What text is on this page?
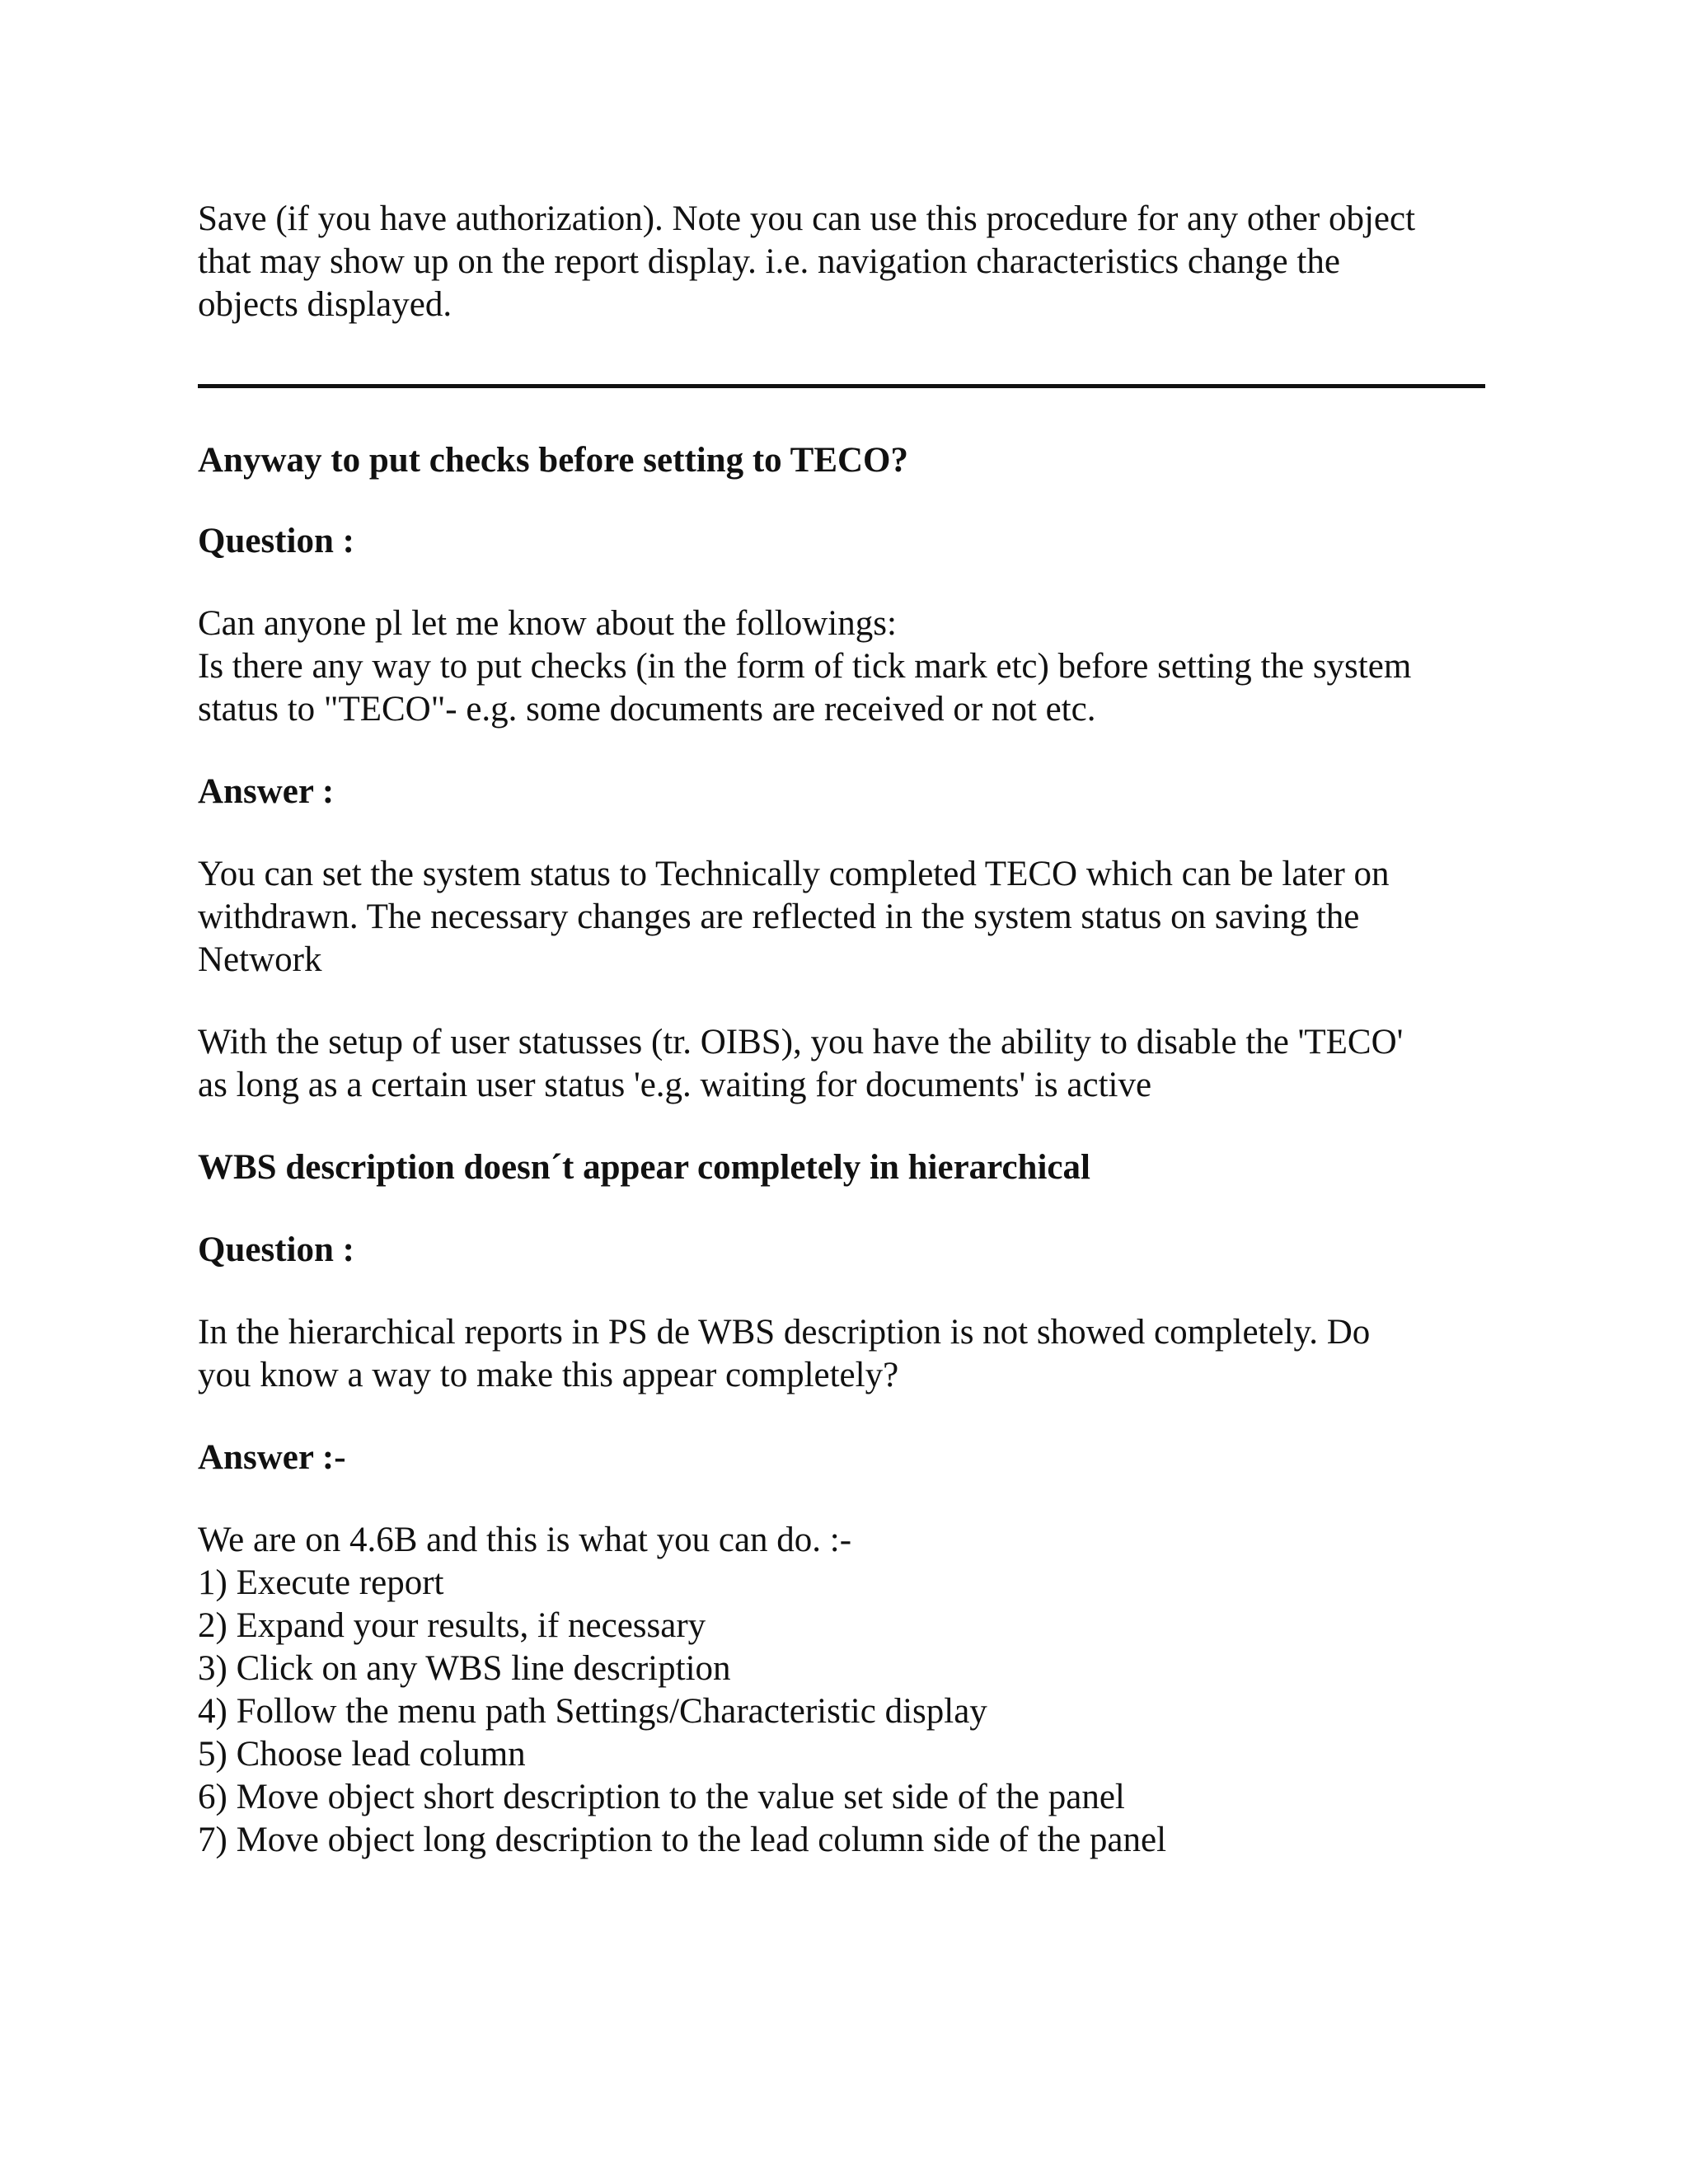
Save (if you have authorization). Note you can use this procedure for any other object
that may show up on the report display. i.e. navigation characteristics change the
objects displayed.

Anyway to put checks before setting to TECO?
Question :

Can anyone pl let me know about the followings:
Is there any way to put checks (in the form of tick mark etc) before setting the system
status to "TECO"- e.g. some documents are received or not etc.

Answer :

You can set the system status to Technically completed TECO which can be later on
withdrawn. The necessary changes are reflected in the system status on saving the
Network

With the setup of user statusses (tr. OIBS), you have the ability to disable the 'TECO'
as long as a certain user status 'e.g. waiting for documents' is active

WBS description doesn´t appear completely in hierarchical
Question :

In the hierarchical reports in PS de WBS description is not showed completely. Do
you know a way to make this appear completely?

Answer :-

We are on 4.6B and this is what you can do. :-
1) Execute report
2) Expand your results, if necessary
3) Click on any WBS line description
4) Follow the menu path Settings/Characteristic display
5) Choose lead column
6) Move object short description to the value set side of the panel
7) Move object long description to the lead column side of the panel
